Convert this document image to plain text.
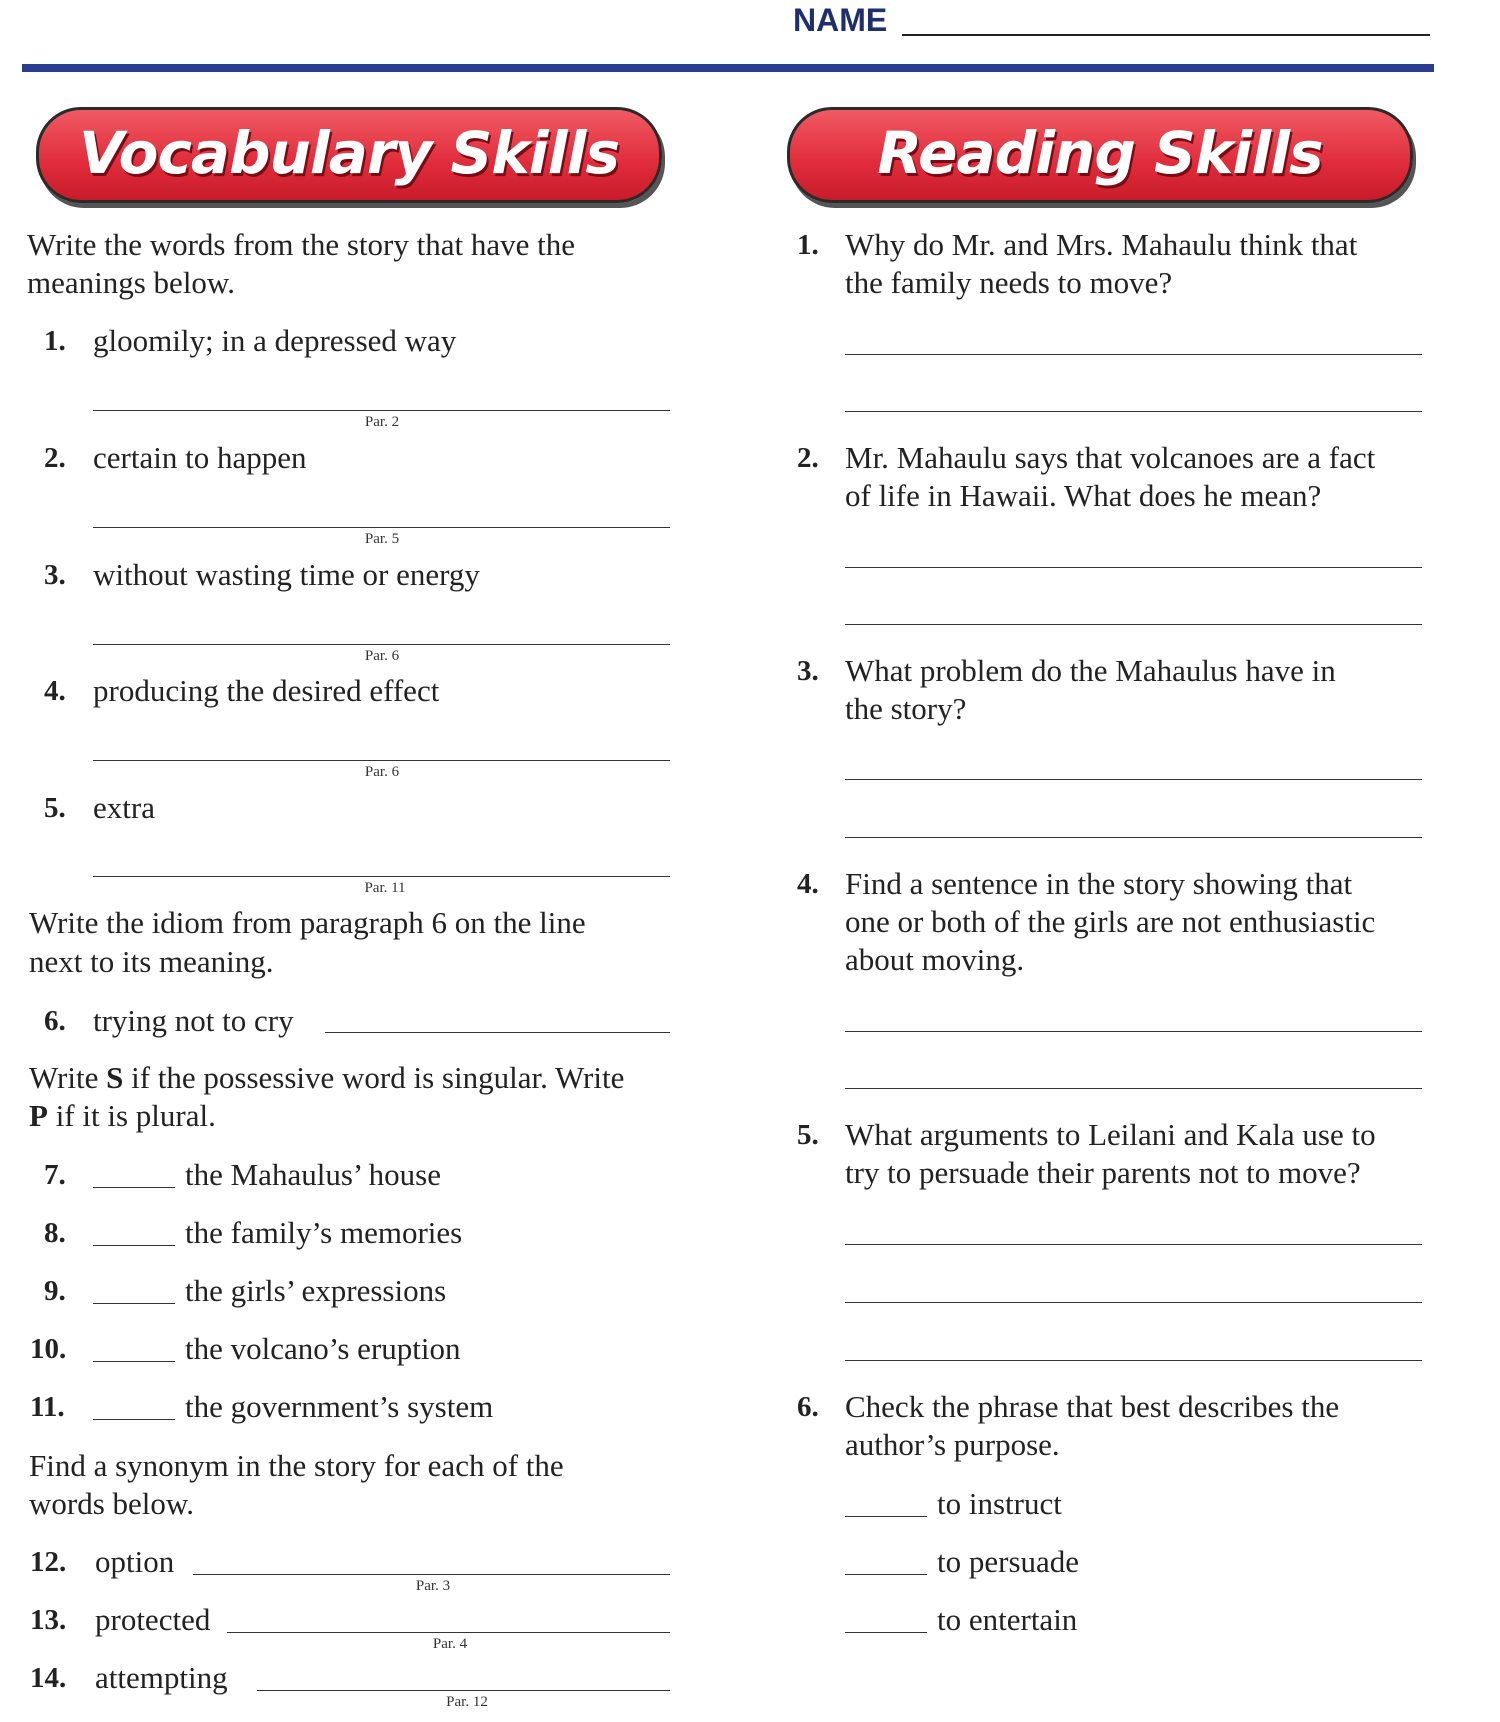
NAME
Vocabulary Skills	Reading Skills
Write the words from the story that have the
meanings below.
1. gloomily; in a depressed way
Par. 2
2. certain to happen
Par. 5
3. without wasting time or energy
Par. 6
4. producing the desired effect
Par. 6
5. extra
Par. 11
Write the idiom from paragraph 6 on the line
next to its meaning.
6. trying not to cry
Write S if the possessive word is singular. Write
P if it is plural.
7.	the Mahaulus’ house
8.	the family’s memories
9.	the girls’ expressions
10.	the volcano’s eruption
11.	the government’s system
Find a synonym in the story for each of the
words below.
12. option
Par. 3
13. protected
Par. 4
14. attempting
Par. 12
1. Why do Mr. and Mrs. Mahaulu think that
the family needs to move?
2. Mr. Mahaulu says that volcanoes are a fact
of life in Hawaii. What does he mean?
3. What problem do the Mahaulus have in
the story?
4. Find a sentence in the story showing that
one or both of the girls are not enthusiastic
about moving.
5. What arguments to Leilani and Kala use to
try to persuade their parents not to move?
6. Check the phrase that best describes the
author’s purpose.
to instruct
to persuade
to entertain
